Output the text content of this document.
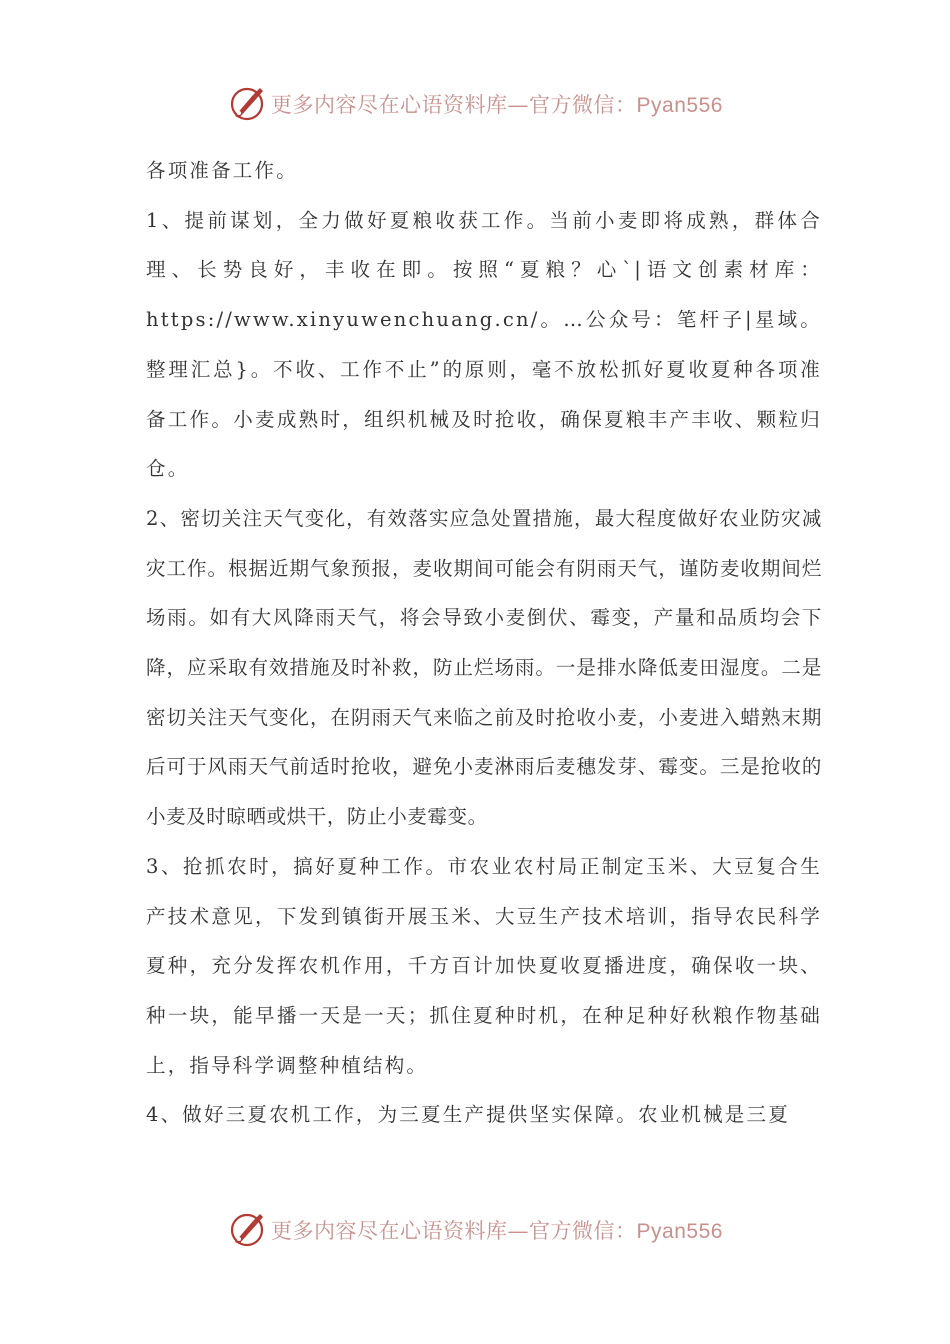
更多内容尽在心语资料库—官方微信：Pyan556

各项准备工作。

1、提前谋划，全力做好夏粮收获工作。当前小麦即将成熟，群体合理、长势良好，丰收在即。按照“夏粮？心`|语文创素材库：https://www.xinyuwenchuang.cn/。…公众号：笔杆子|星域。整理汇总}。不收、工作不止”的原则，毫不放松抓好夏收夏种各项准备工作。小麦成熟时，组织机械及时抢收，确保夏粮丰产丰收、颗粒归仓。

2、密切关注天气变化，有效落实应急处置措施，最大程度做好农业防灾减灾工作。根据近期气象预报，麦收期间可能会有阴雨天气，谨防麦收期间烂场雨。如有大风降雨天气，将会导致小麦倒伏、霉变，产量和品质均会下降，应采取有效措施及时补救，防止烂场雨。一是排水降低麦田湿度。二是密切关注天气变化，在阴雨天气来临之前及时抢收小麦，小麦进入蜡熟末期后可于风雨天气前适时抢收，避免小麦淋雨后麦穗发芽、霉变。三是抢收的小麦及时晾晒或烘干，防止小麦霉变。

3、抢抓农时，搞好夏种工作。市农业农村局正制定玉米、大豆复合生产技术意见，下发到镇街开展玉米、大豆生产技术培训，指导农民科学夏种，充分发挥农机作用，千方百计加快夏收夏播进度，确保收一块、种一块，能早播一天是一天；抓住夏种时机，在种足种好秋粮作物基础上，指导科学调整种植结构。

4、做好三夏农机工作，为三夏生产提供坚实保障。农业机械是三夏

更多内容尽在心语资料库—官方微信：Pyan556
